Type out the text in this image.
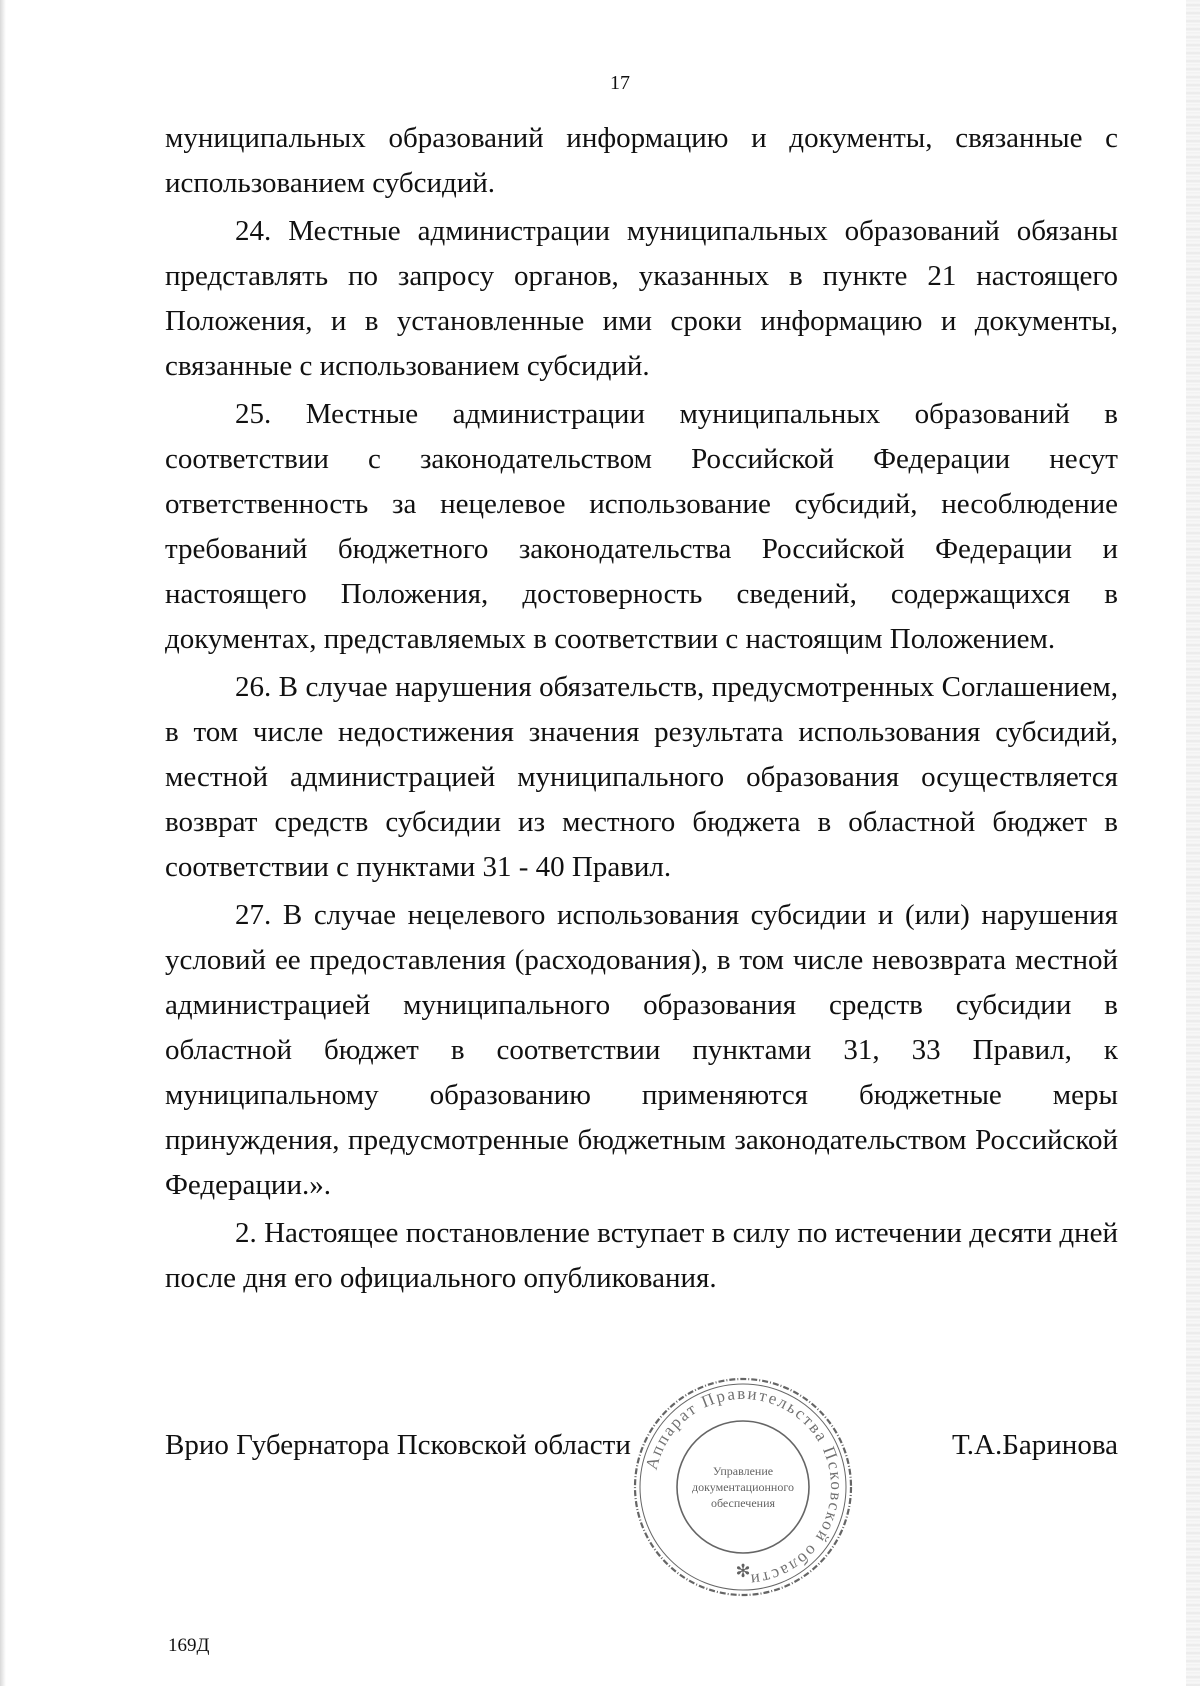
17

муниципальных образований информацию и документы, связанные с использованием субсидий.

24. Местные администрации муниципальных образований обязаны представлять по запросу органов, указанных в пункте 21 настоящего Положения, и в установленные ими сроки информацию и документы, связанные с использованием субсидий.

25. Местные администрации муниципальных образований в соответствии с законодательством Российской Федерации несут ответственность за нецелевое использование субсидий, несоблюдение требований бюджетного законодательства Российской Федерации и настоящего Положения, достоверность сведений, содержащихся в документах, представляемых в соответствии с настоящим Положением.

26. В случае нарушения обязательств, предусмотренных Соглашением, в том числе недостижения значения результата использования субсидий, местной администрацией муниципального образования осуществляется возврат средств субсидии из местного бюджета в областной бюджет в соответствии с пунктами 31 - 40 Правил.

27. В случае нецелевого использования субсидии и (или) нарушения условий ее предоставления (расходования), в том числе невозврата местной администрацией муниципального образования средств субсидии в областной бюджет в соответствии пунктами 31, 33 Правил, к муниципальному образованию применяются бюджетные меры принуждения, предусмотренные бюджетным законодательством Российской Федерации.».

2. Настоящее постановление вступает в силу по истечении десяти дней после дня его официального опубликования.

Врио Губернатора Псковской области	Т.А.Баринова
Аппарат Правительства Псковской области
Управление
документационного
обеспечения
✻
169Д
